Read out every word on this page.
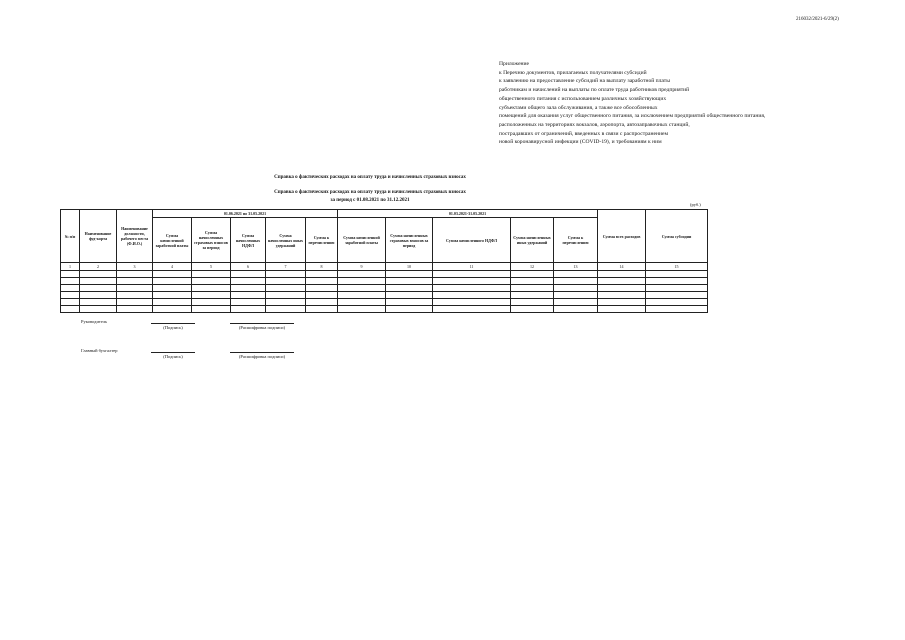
216032/2021-6/29(2)
Приложение
к Перечню документов, прилагаемых получателями субсидий
к заявлению на предоставление субсидий на выплату заработной платы
работникам и начислений на выплаты по оплате труда работников предприятий
общественного питания с использованием различных хозяйствующих
субъектами общего зала обслуживания, а также все обособленных
помещений для оказания услуг общественного питания, за исключением предприятий общественного питания,
расположенных на территориях вокзалов, аэропорта, автозаправочных станций,
пострадавших от ограничений, введенных в связи с распространением
новой коронавирусной инфекции (COVID-19), и требованиям к ним
Справка о фактических расходах на оплату труда и начисленных страховых взносах
Справка о фактических расходах на оплату труда и начисленных страховых взносах
за период с 01.08.2021 по 31.12.2021
(руб.)
№ п/п	Наименование фуд-корта	Наименование должности, рабочего места (Ф.И.О.)	01.06.2021 по 31.05.2021					01.03.2021-31.05.2021					Сумма всех расходов	Сумма субсидии
			Сумма начисленной заработной платы	Сумма начисленных страховых взносов за период	Сумма начисленных НДФЛ	Сумма начисленных иных удержаний	Сумма к перечислению	Сумма начисленной заработной платы	Сумма начисленных страховых взносов за период	Сумма начисленного НДФЛ	Сумма начисленных иных удержаний	Сумма к перечислению		
1	2	3	4	5	6	7	8	9	10	11	12	13	14	15

Руководитель
(Подпись)	(Расшифровка подписи)
Главный бухгалтер
(Подпись)	(Расшифровка подписи)
